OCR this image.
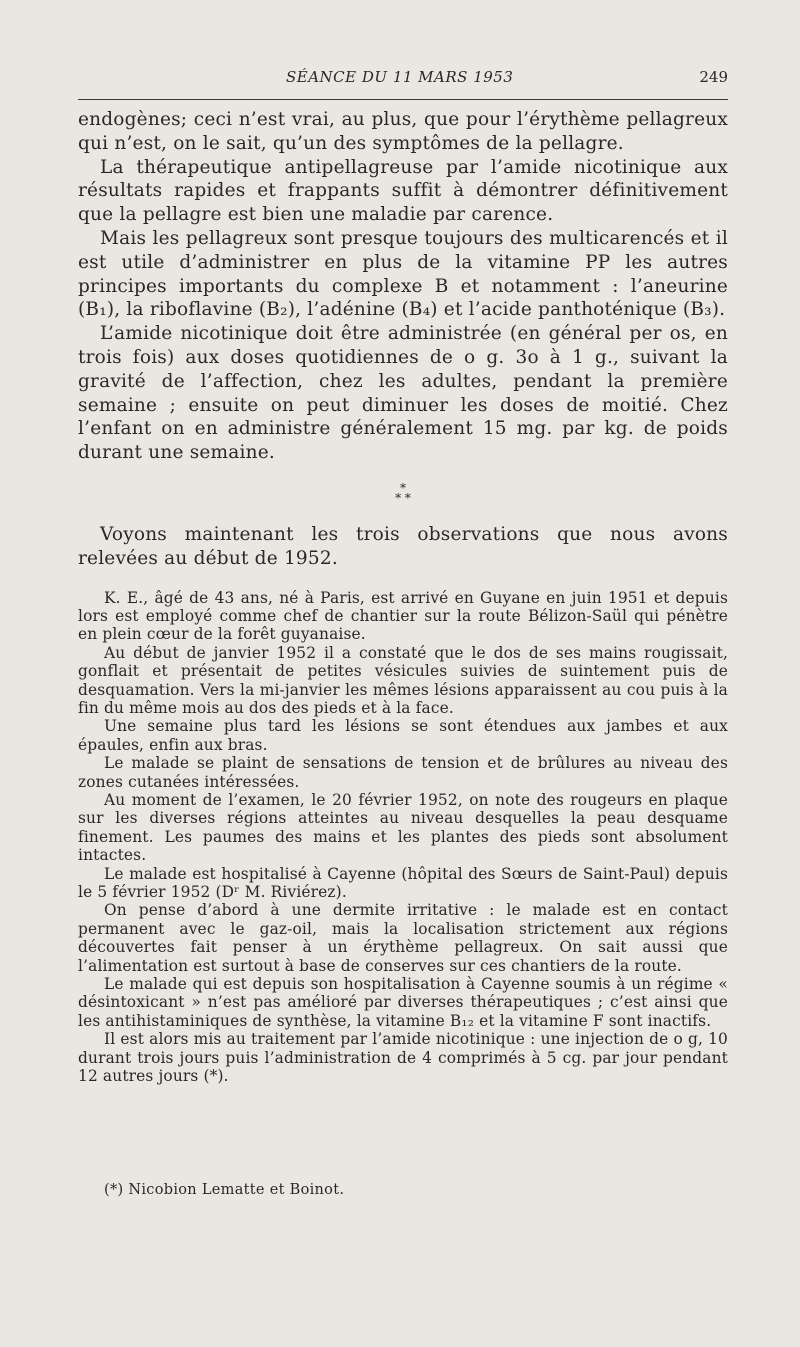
SÉANCE DU 11 MARS 1953	249

endogènes; ceci n’est vrai, au plus, que pour l’érythème pellagreux qui n’est, on le sait, qu’un des symptômes de la pellagre.

La thérapeutique antipellagreuse par l’amide nicotinique aux résultats rapides et frappants suffit à démontrer définitivement que la pellagre est bien une maladie par carence.

Mais les pellagreux sont presque toujours des multicarencés et il est utile d’administrer en plus de la vitamine PP les autres principes importants du complexe B et notamment : l’aneurine (B₁), la riboflavine (B₂), l’adénine (B₄) et l’acide panthoténique (B₃).

L’amide nicotinique doit être administrée (en général per os, en trois fois) aux doses quotidiennes de o g. 3o à 1 g., suivant la gravité de l’affection, chez les adultes, pendant la première semaine ; ensuite on peut diminuer les doses de moitié. Chez l’enfant on en administre généralement 15 mg. par kg. de poids durant une semaine.

*
* *

Voyons maintenant les trois observations que nous avons relevées au début de 1952.

K. E., âgé de 43 ans, né à Paris, est arrivé en Guyane en juin 1951 et depuis lors est employé comme chef de chantier sur la route Bélizon-Saül qui pénètre en plein cœur de la forêt guyanaise.

Au début de janvier 1952 il a constaté que le dos de ses mains rougissait, gonflait et présentait de petites vésicules suivies de suintement puis de desquamation. Vers la mi-janvier les mêmes lésions apparaissent au cou puis à la fin du même mois au dos des pieds et à la face.

Une semaine plus tard les lésions se sont étendues aux jambes et aux épaules, enfin aux bras.

Le malade se plaint de sensations de tension et de brûlures au niveau des zones cutanées intéressées.

Au moment de l’examen, le 20 février 1952, on note des rougeurs en plaque sur les diverses régions atteintes au niveau desquelles la peau desquame finement. Les paumes des mains et les plantes des pieds sont absolument intactes.

Le malade est hospitalisé à Cayenne (hôpital des Sœurs de Saint-Paul) depuis le 5 février 1952 (Dʳ M. Riviérez).

On pense d’abord à une dermite irritative : le malade est en contact permanent avec le gaz-oil, mais la localisation strictement aux régions découvertes fait penser à un érythème pellagreux. On sait aussi que l’alimentation est surtout à base de conserves sur ces chantiers de la route.

Le malade qui est depuis son hospitalisation à Cayenne soumis à un régime « désintoxicant » n’est pas amélioré par diverses thérapeutiques ; c’est ainsi que les antihistaminiques de synthèse, la vitamine B₁₂ et la vitamine F sont inactifs.

Il est alors mis au traitement par l’amide nicotinique : une injection de o g, 10 durant trois jours puis l’administration de 4 comprimés à 5 cg. par jour pendant 12 autres jours (*).

(*) Nicobion Lematte et Boinot.
